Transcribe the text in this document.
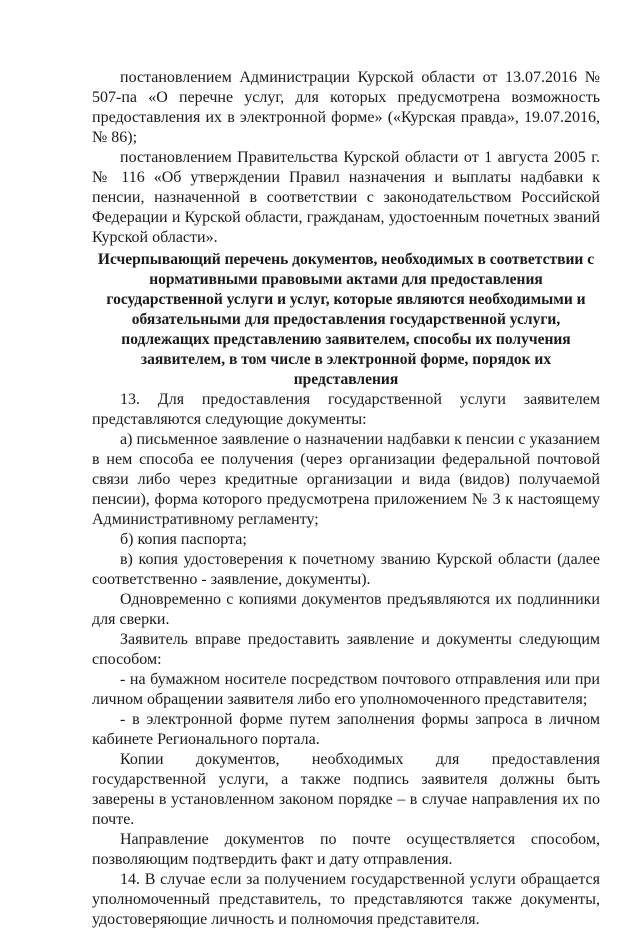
постановлением Администрации Курской области от 13.07.2016 № 507-па «О перечне услуг, для которых предусмотрена возможность предоставления их в электронной форме» («Курская правда», 19.07.2016, № 86);
постановлением Правительства Курской области от 1 августа 2005 г. № 116 «Об утверждении Правил назначения и выплаты надбавки к пенсии, назначенной в соответствии с законодательством Российской Федерации и Курской области, гражданам, удостоенным почетных званий Курской области».
Исчерпывающий перечень документов, необходимых в соответствии с нормативными правовыми актами для предоставления государственной услуги и услуг, которые являются необходимыми и обязательными для предоставления государственной услуги, подлежащих представлению заявителем, способы их получения заявителем, в том числе в электронной форме, порядок их представления
13. Для предоставления государственной услуги заявителем представляются следующие документы:
а) письменное заявление о назначении надбавки к пенсии с указанием в нем способа ее получения (через организации федеральной почтовой связи либо через кредитные организации и вида (видов) получаемой пенсии), форма которого предусмотрена приложением № 3 к настоящему Административному регламенту;
б) копия паспорта;
в) копия удостоверения к почетному званию Курской области (далее соответственно - заявление, документы).
Одновременно с копиями документов предъявляются их подлинники для сверки.
Заявитель вправе предоставить заявление и документы следующим способом:
- на бумажном носителе посредством почтового отправления или при личном обращении заявителя либо его уполномоченного представителя;
- в электронной форме путем заполнения формы запроса в личном кабинете Регионального портала.
Копии документов, необходимых для предоставления государственной услуги, а также подпись заявителя должны быть заверены в установленном законом порядке – в случае направления их по почте.
Направление документов по почте осуществляется способом, позволяющим подтвердить факт и дату отправления.
14. В случае если за получением государственной услуги обращается уполномоченный представитель, то представляются также документы, удостоверяющие личность и полномочия представителя.
